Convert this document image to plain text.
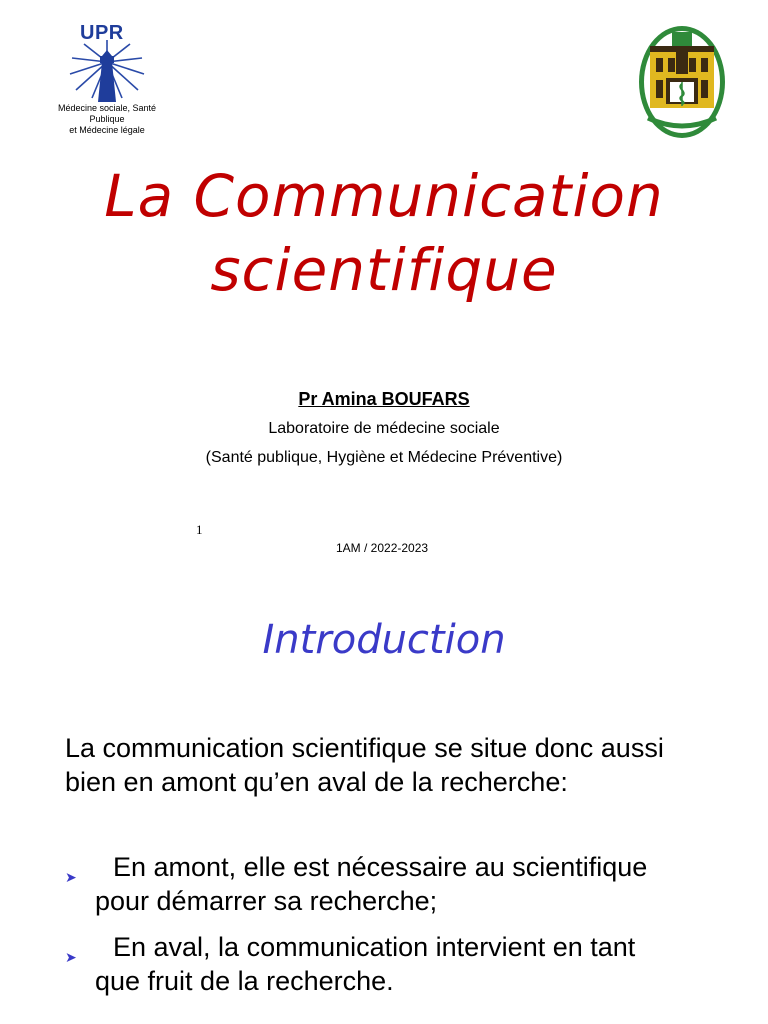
UPR
Médecine sociale, Santé Publique
et Médecine légale
La Communication
scientifique
Pr Amina BOUFARS
Laboratoire de médecine sociale
(Santé publique, Hygiène et Médecine Préventive)
1
1AM / 2022-2023
Introduction
La communication scientifique se situe donc aussi
bien en amont qu’en aval de la recherche:
➤ En amont, elle est nécessaire au scientifique
pour démarrer sa recherche;
➤ En aval, la communication intervient en tant
que fruit de la recherche.
